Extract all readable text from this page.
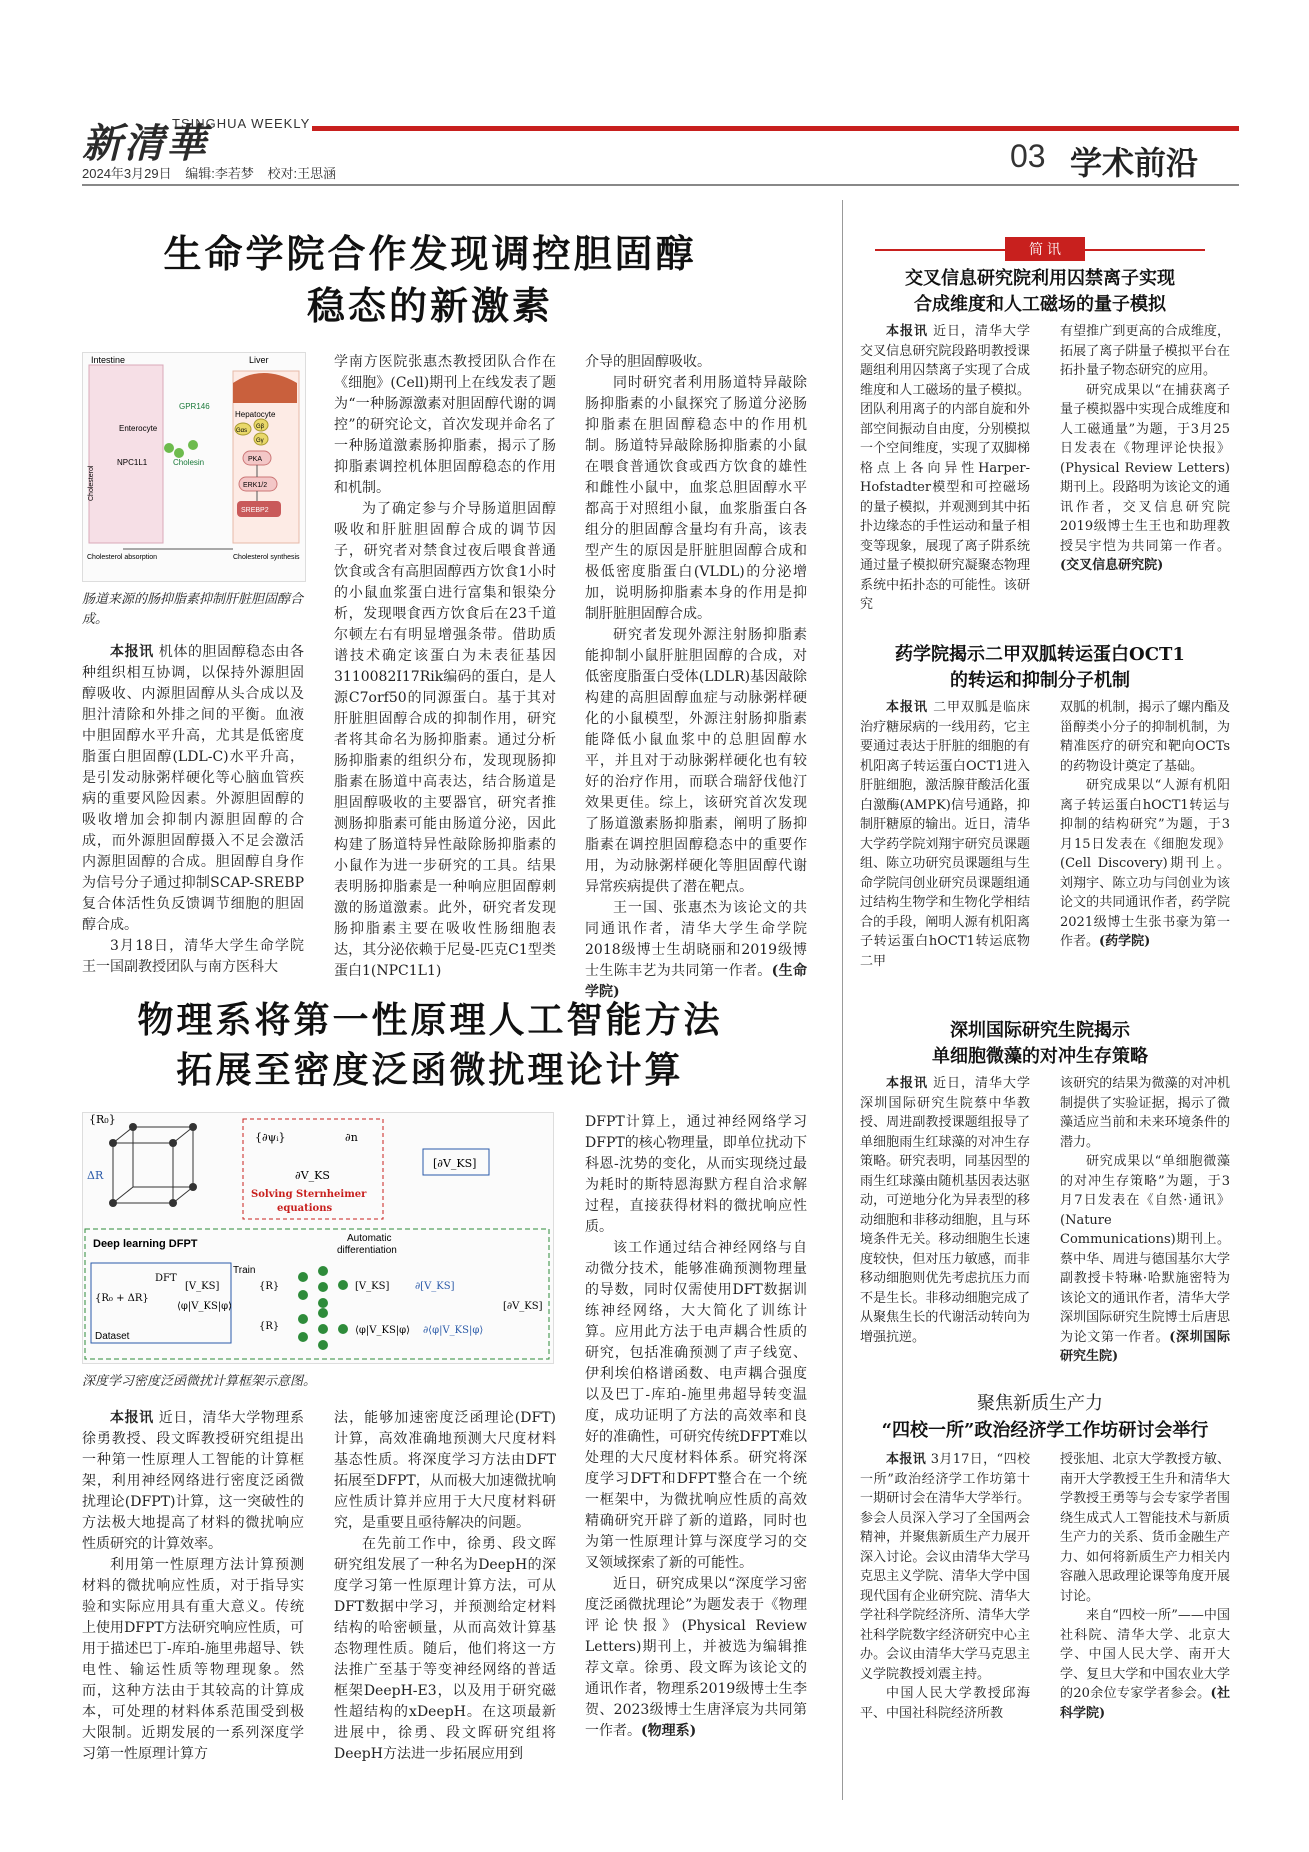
新清華
TSINGHUA WEEKLY
2024年3月29日 编辑:李若梦 校对:王思涵	03 学术前沿
生命学院合作发现调控胆固醇
稳态的新激素
Intestine	Liver
Hepatocyte
Enterocyte
GPR146
NPC1L1	Cholesin
Gαs
Gβ
Gγ
PKA
ERK1/2
SREBP2
Cholesterol
Cholesterol absorption	Cholesterol synthesis
肠道来源的肠抑脂素抑制肝脏胆固醇合成。

本报讯 机体的胆固醇稳态由各种组织相互协调，以保持外源胆固醇吸收、内源胆固醇从头合成以及胆汁清除和外排之间的平衡。血液中胆固醇水平升高，尤其是低密度脂蛋白胆固醇(LDL-C)水平升高，是引发动脉粥样硬化等心脑血管疾病的重要风险因素。外源胆固醇的吸收增加会抑制内源胆固醇的合成，而外源胆固醇摄入不足会激活内源胆固醇的合成。胆固醇自身作为信号分子通过抑制SCAP-SREBP复合体活性负反馈调节细胞的胆固醇合成。

3月18日，清华大学生命学院王一国副教授团队与南方医科大

学南方医院张惠杰教授团队合作在《细胞》(Cell)期刊上在线发表了题为“一种肠源激素对胆固醇代谢的调控”的研究论文，首次发现并命名了一种肠道激素肠抑脂素，揭示了肠抑脂素调控机体胆固醇稳态的作用和机制。

为了确定参与介导肠道胆固醇吸收和肝脏胆固醇合成的调节因子，研究者对禁食过夜后喂食普通饮食或含有高胆固醇西方饮食1小时的小鼠血浆蛋白进行富集和银染分析，发现喂食西方饮食后在23千道尔顿左右有明显增强条带。借助质谱技术确定该蛋白为未表征基因3110082I17Rik编码的蛋白，是人源C7orf50的同源蛋白。基于其对肝脏胆固醇合成的抑制作用，研究者将其命名为肠抑脂素。通过分析肠抑脂素的组织分布，发现现肠抑脂素在肠道中高表达，结合肠道是胆固醇吸收的主要器官，研究者推测肠抑脂素可能由肠道分泌，因此构建了肠道特异性敲除肠抑脂素的小鼠作为进一步研究的工具。结果表明肠抑脂素是一种响应胆固醇刺激的肠道激素。此外，研究者发现肠抑脂素主要在吸收性肠细胞表达，其分泌依赖于尼曼-匹克C1型类蛋白1(NPC1L1)

介导的胆固醇吸收。

同时研究者利用肠道特异敲除肠抑脂素的小鼠探究了肠道分泌肠抑脂素在胆固醇稳态中的作用机制。肠道特异敲除肠抑脂素的小鼠在喂食普通饮食或西方饮食的雄性和雌性小鼠中，血浆总胆固醇水平都高于对照组小鼠，血浆脂蛋白各组分的胆固醇含量均有升高，该表型产生的原因是肝脏胆固醇合成和极低密度脂蛋白(VLDL)的分泌增加，说明肠抑脂素本身的作用是抑制肝脏胆固醇合成。

研究者发现外源注射肠抑脂素能抑制小鼠肝脏胆固醇的合成，对低密度脂蛋白受体(LDLR)基因敲除构建的高胆固醇血症与动脉粥样硬化的小鼠模型，外源注射肠抑脂素能降低小鼠血浆中的总胆固醇水平，并且对于动脉粥样硬化也有较好的治疗作用，而联合瑞舒伐他汀效果更佳。综上，该研究首次发现了肠道激素肠抑脂素，阐明了肠抑脂素在调控胆固醇稳态中的重要作用，为动脉粥样硬化等胆固醇代谢异常疾病提供了潜在靶点。

王一国、张惠杰为该论文的共同通讯作者，清华大学生命学院2018级博士生胡晓丽和2019级博士生陈丰艺为共同第一作者。(生命学院)

物理系将第一性原理人工智能方法
拓展至密度泛函微扰理论计算
{R₀}
ΔR
{∂ψᵢ}	∂n
∂V_KS
Solving Sternheimer
equations
[∂V_KS]
Deep learning DFPT	Automatic
differentiation
DFT
{R₀ + ΔR}
[V_KS]
⟨φ|V_KS|φ⟩
Dataset
Train
{R}
{R}
[V_KS]	∂[V_KS]
⟨φ|V_KS|φ⟩ ∂⟨φ|V_KS|φ⟩
[∂V_KS]
深度学习密度泛函微扰计算框架示意图。

本报讯 近日，清华大学物理系徐勇教授、段文晖教授研究组提出一种第一性原理人工智能的计算框架，利用神经网络进行密度泛函微扰理论(DFPT)计算，这一突破性的方法极大地提高了材料的微扰响应性质研究的计算效率。

利用第一性原理方法计算预测材料的微扰响应性质，对于指导实验和实际应用具有重大意义。传统上使用DFPT方法研究响应性质，可用于描述巴丁-库珀-施里弗超导、铁电性、输运性质等物理现象。然而，这种方法由于其较高的计算成本，可处理的材料体系范围受到极大限制。近期发展的一系列深度学习第一性原理计算方

法，能够加速密度泛函理论(DFT)计算，高效准确地预测大尺度材料基态性质。将深度学习方法由DFT拓展至DFPT，从而极大加速微扰响应性质计算并应用于大尺度材料研究，是重要且亟待解决的问题。

在先前工作中，徐勇、段文晖研究组发展了一种名为DeepH的深度学习第一性原理计算方法，可从DFT数据中学习，并预测给定材料结构的哈密顿量，从而高效计算基态物理性质。随后，他们将这一方法推广至基于等变神经网络的普适框架DeepH-E3，以及用于研究磁性超结构的xDeepH。在这项最新进展中，徐勇、段文晖研究组将DeepH方法进一步拓展应用到

DFPT计算上，通过神经网络学习DFPT的核心物理量，即单位扰动下科恩-沈势的变化，从而实现绕过最为耗时的斯特恩海默方程自洽求解过程，直接获得材料的微扰响应性质。

该工作通过结合神经网络与自动微分技术，能够准确预测物理量的导数，同时仅需使用DFT数据训练神经网络，大大简化了训练计算。应用此方法于电声耦合性质的研究，包括准确预测了声子线宽、伊利埃伯格谱函数、电声耦合强度以及巴丁-库珀-施里弗超导转变温度，成功证明了方法的高效率和良好的准确性，可研究传统DFPT难以处理的大尺度材料体系。研究将深度学习DFT和DFPT整合在一个统一框架中，为微扰响应性质的高效精确研究开辟了新的道路，同时也为第一性原理计算与深度学习的交叉领域探索了新的可能性。

近日，研究成果以“深度学习密度泛函微扰理论”为题发表于《物理评论快报》(Physical Review Letters)期刊上，并被选为编辑推荐文章。徐勇、段文晖为该论文的通讯作者，物理系2019级博士生李贺、2023级博士生唐泽宸为共同第一作者。(物理系)

简 讯
交叉信息研究院利用囚禁离子实现
合成维度和人工磁场的量子模拟

本报讯 近日，清华大学交叉信息研究院段路明教授课题组利用囚禁离子实现了合成维度和人工磁场的量子模拟。团队利用离子的内部自旋和外部空间振动自由度，分别模拟一个空间维度，实现了双脚梯格点上各向异性Harper-Hofstadter模型和可控磁场的量子模拟，并观测到其中拓扑边缘态的手性运动和量子相变等现象，展现了离子阱系统通过量子模拟研究凝聚态物理系统中拓扑态的可能性。该研究

有望推广到更高的合成维度，拓展了离子阱量子模拟平台在拓扑量子物态研究的应用。

研究成果以“在捕获离子量子模拟器中实现合成维度和人工磁通量”为题，于3月25日发表在《物理评论快报》(Physical Review Letters)期刊上。段路明为该论文的通讯作者，交叉信息研究院2019级博士生王也和助理教授吴宇恺为共同第一作者。(交叉信息研究院)

药学院揭示二甲双胍转运蛋白OCT1
的转运和抑制分子机制

本报讯 二甲双胍是临床治疗糖尿病的一线用药，它主要通过表达于肝脏的细胞的有机阳离子转运蛋白OCT1进入肝脏细胞，激活腺苷酸活化蛋白激酶(AMPK)信号通路，抑制肝糖原的输出。近日，清华大学药学院刘翔宇研究员课题组、陈立功研究员课题组与生命学院闫创业研究员课题组通过结构生物学和生物化学相结合的手段，阐明人源有机阳离子转运蛋白hOCT1转运底物二甲

双胍的机制，揭示了螺内酯及甾醇类小分子的抑制机制，为精准医疗的研究和靶向OCTs的药物设计奠定了基础。

研究成果以“人源有机阳离子转运蛋白hOCT1转运与抑制的结构研究”为题，于3月15日发表在《细胞发现》(Cell Discovery)期刊上。刘翔宇、陈立功与闫创业为该论文的共同通讯作者，药学院2021级博士生张书豪为第一作者。(药学院)

深圳国际研究生院揭示
单细胞微藻的对冲生存策略

本报讯 近日，清华大学深圳国际研究生院蔡中华教授、周进副教授课题组报导了单细胞雨生红球藻的对冲生存策略。研究表明，同基因型的雨生红球藻由随机基因表达驱动，可逆地分化为异表型的移动细胞和非移动细胞，且与环境条件无关。移动细胞生长速度较快，但对压力敏感，而非移动细胞则优先考虑抗压力而不是生长。非移动细胞完成了从聚焦生长的代谢活动转向为增强抗逆。

该研究的结果为微藻的对冲机制提供了实验证据，揭示了微藻适应当前和未来环境条件的潜力。

研究成果以“单细胞微藻的对冲生存策略”为题，于3月7日发表在《自然·通讯》(Nature Communications)期刊上。蔡中华、周进与德国基尔大学副教授卡特琳·哈默施密特为该论文的通讯作者，清华大学深圳国际研究生院博士后唐思为论文第一作者。(深圳国际研究生院)

聚焦新质生产力
“四校一所”政治经济学工作坊研讨会举行

本报讯 3月17日，“四校一所”政治经济学工作坊第十一期研讨会在清华大学举行。参会人员深入学习了全国两会精神，并聚焦新质生产力展开深入讨论。会议由清华大学马克思主义学院、清华大学中国现代国有企业研究院、清华大学社科学院经济所、清华大学社科学院数字经济研究中心主办。会议由清华大学马克思主义学院教授刘震主持。

中国人民大学教授邱海平、中国社科院经济所教

授张旭、北京大学教授方敏、南开大学教授王生升和清华大学教授王勇等与会专家学者围绕生成式人工智能技术与新质生产力的关系、货币金融生产力、如何将新质生产力相关内容融入思政理论课等角度开展讨论。

来自“四校一所”——中国社科院、清华大学、北京大学、中国人民大学、南开大学、复旦大学和中国农业大学的20余位专家学者参会。(社科学院)
